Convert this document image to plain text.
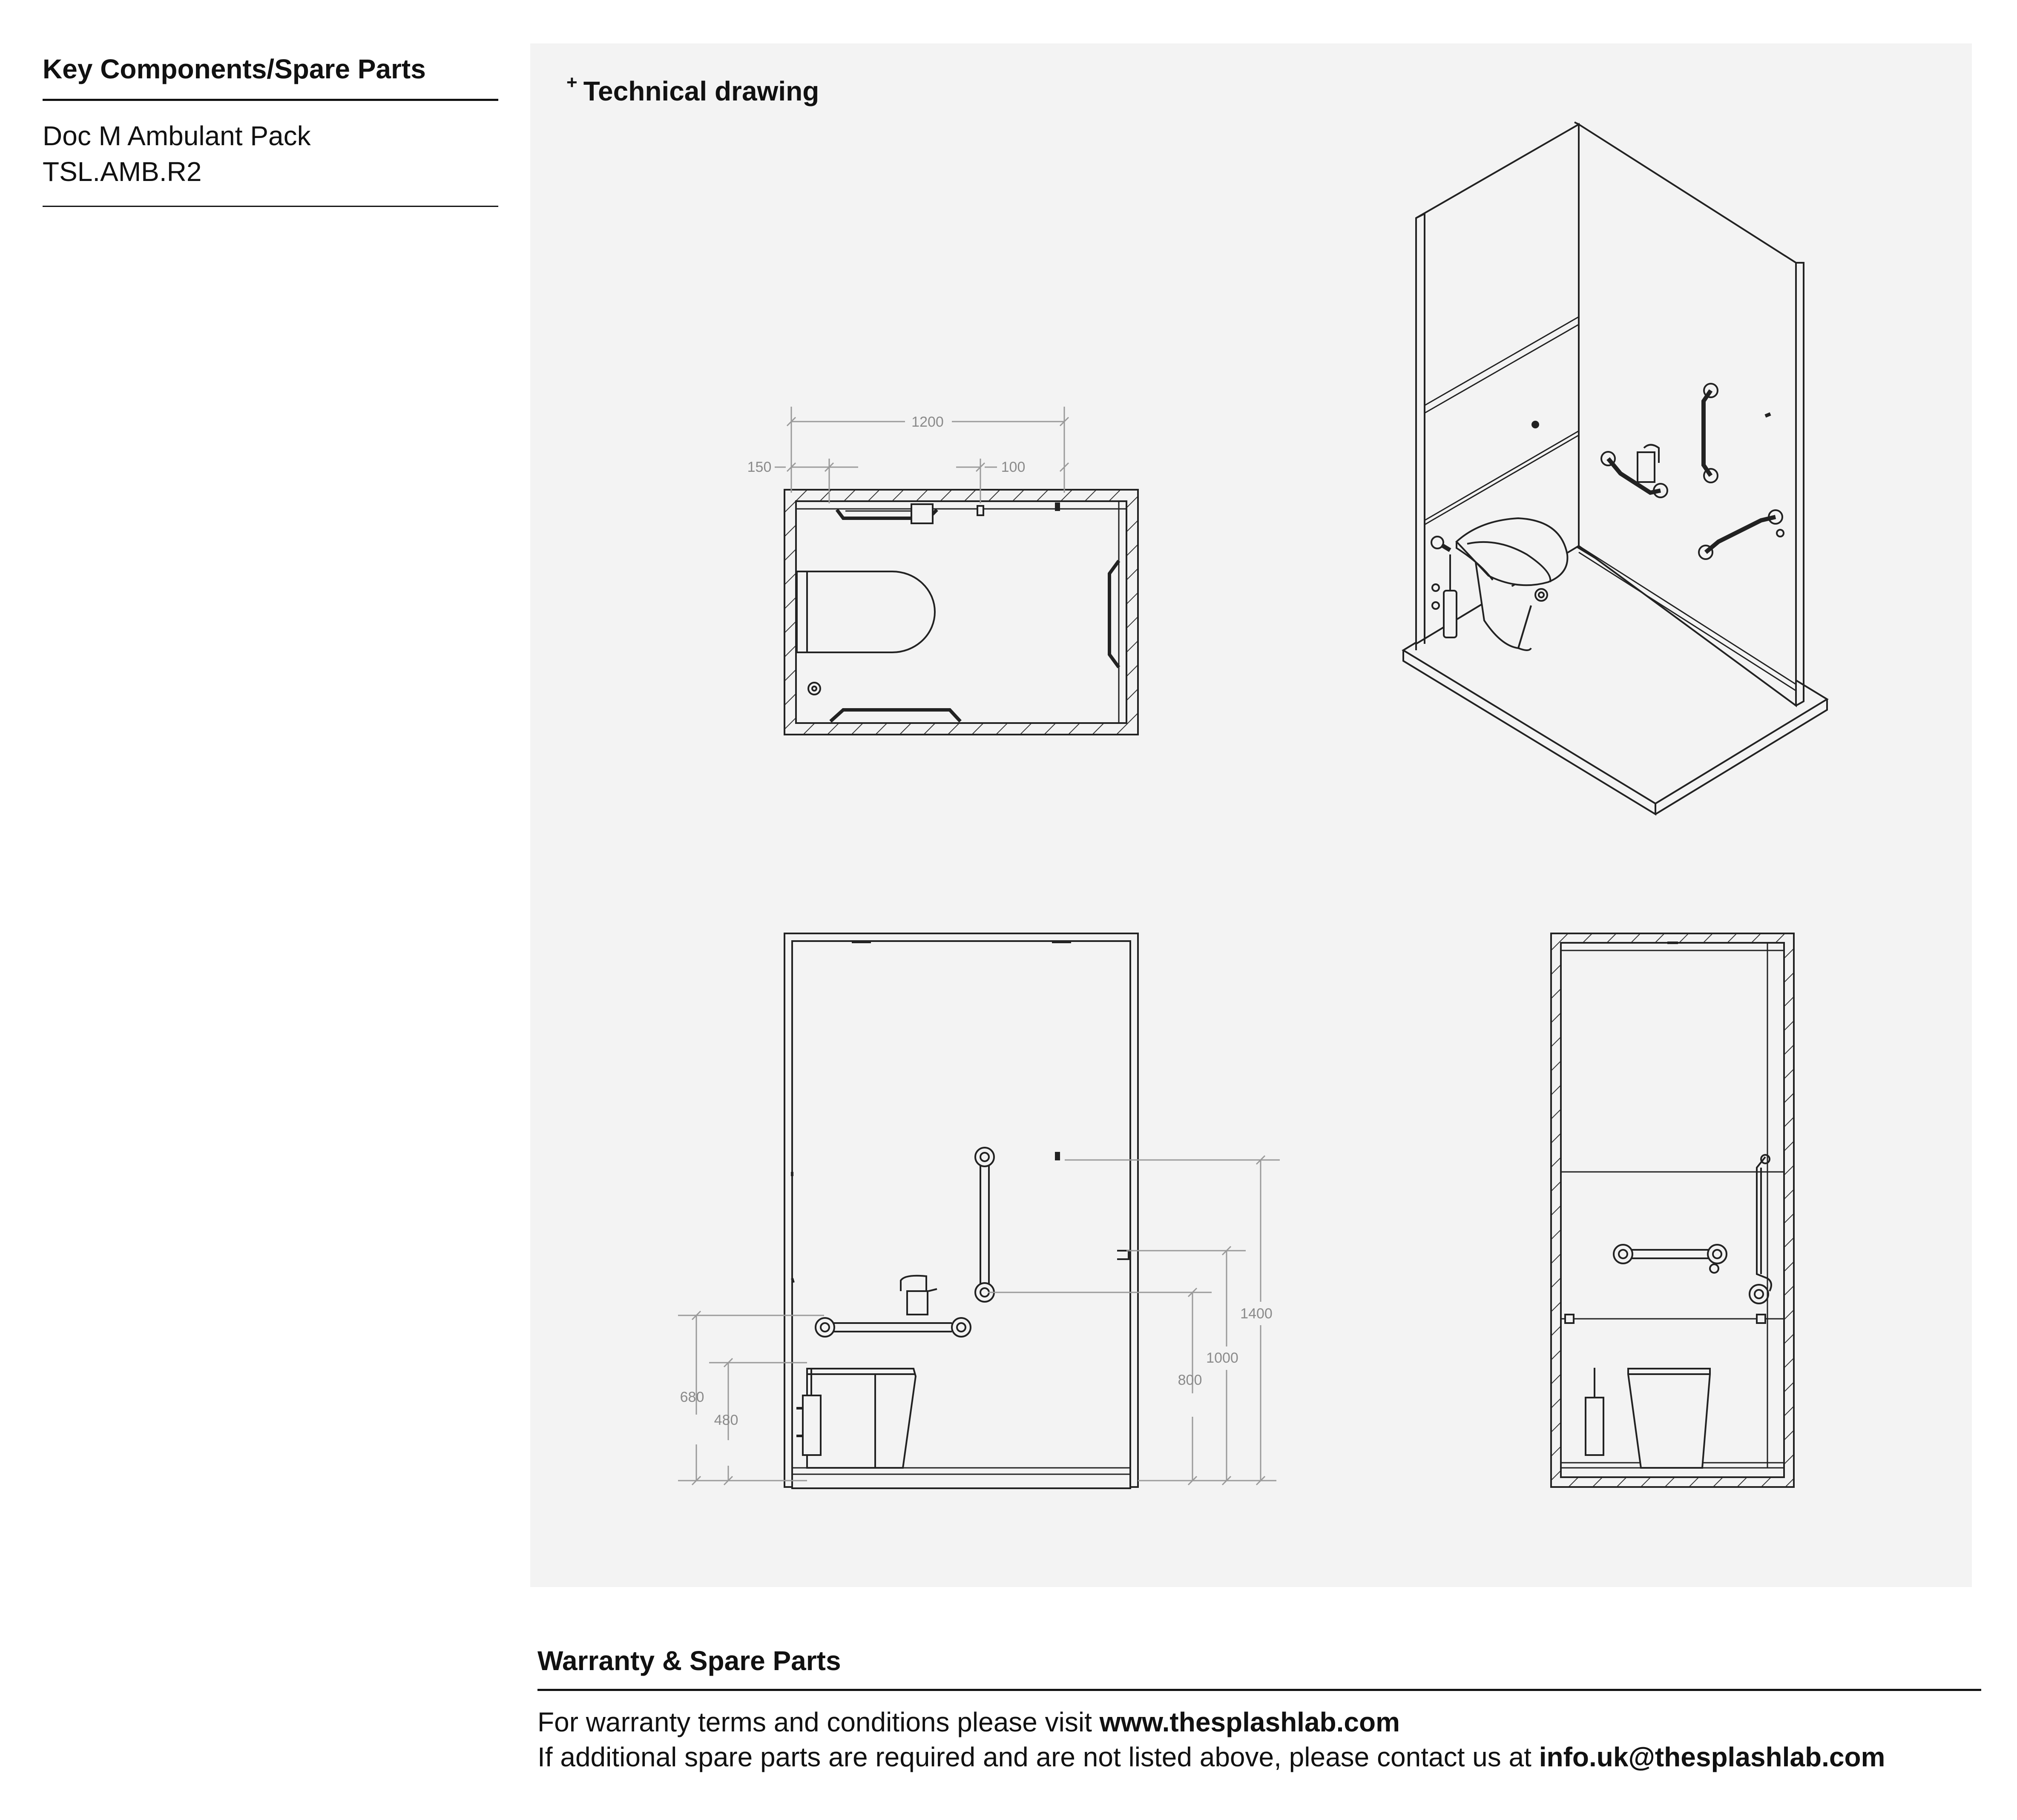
Key Components/Spare Parts
Doc M Ambulant Pack
TSL.AMB.R2
+ Technical drawing
1200
150	100
680
480
800
1000
1400
Warranty & Spare Parts
For warranty terms and conditions please visit www.thesplashlab.com
If additional spare parts are required and are not listed above, please contact us at info.uk@thesplashlab.com
